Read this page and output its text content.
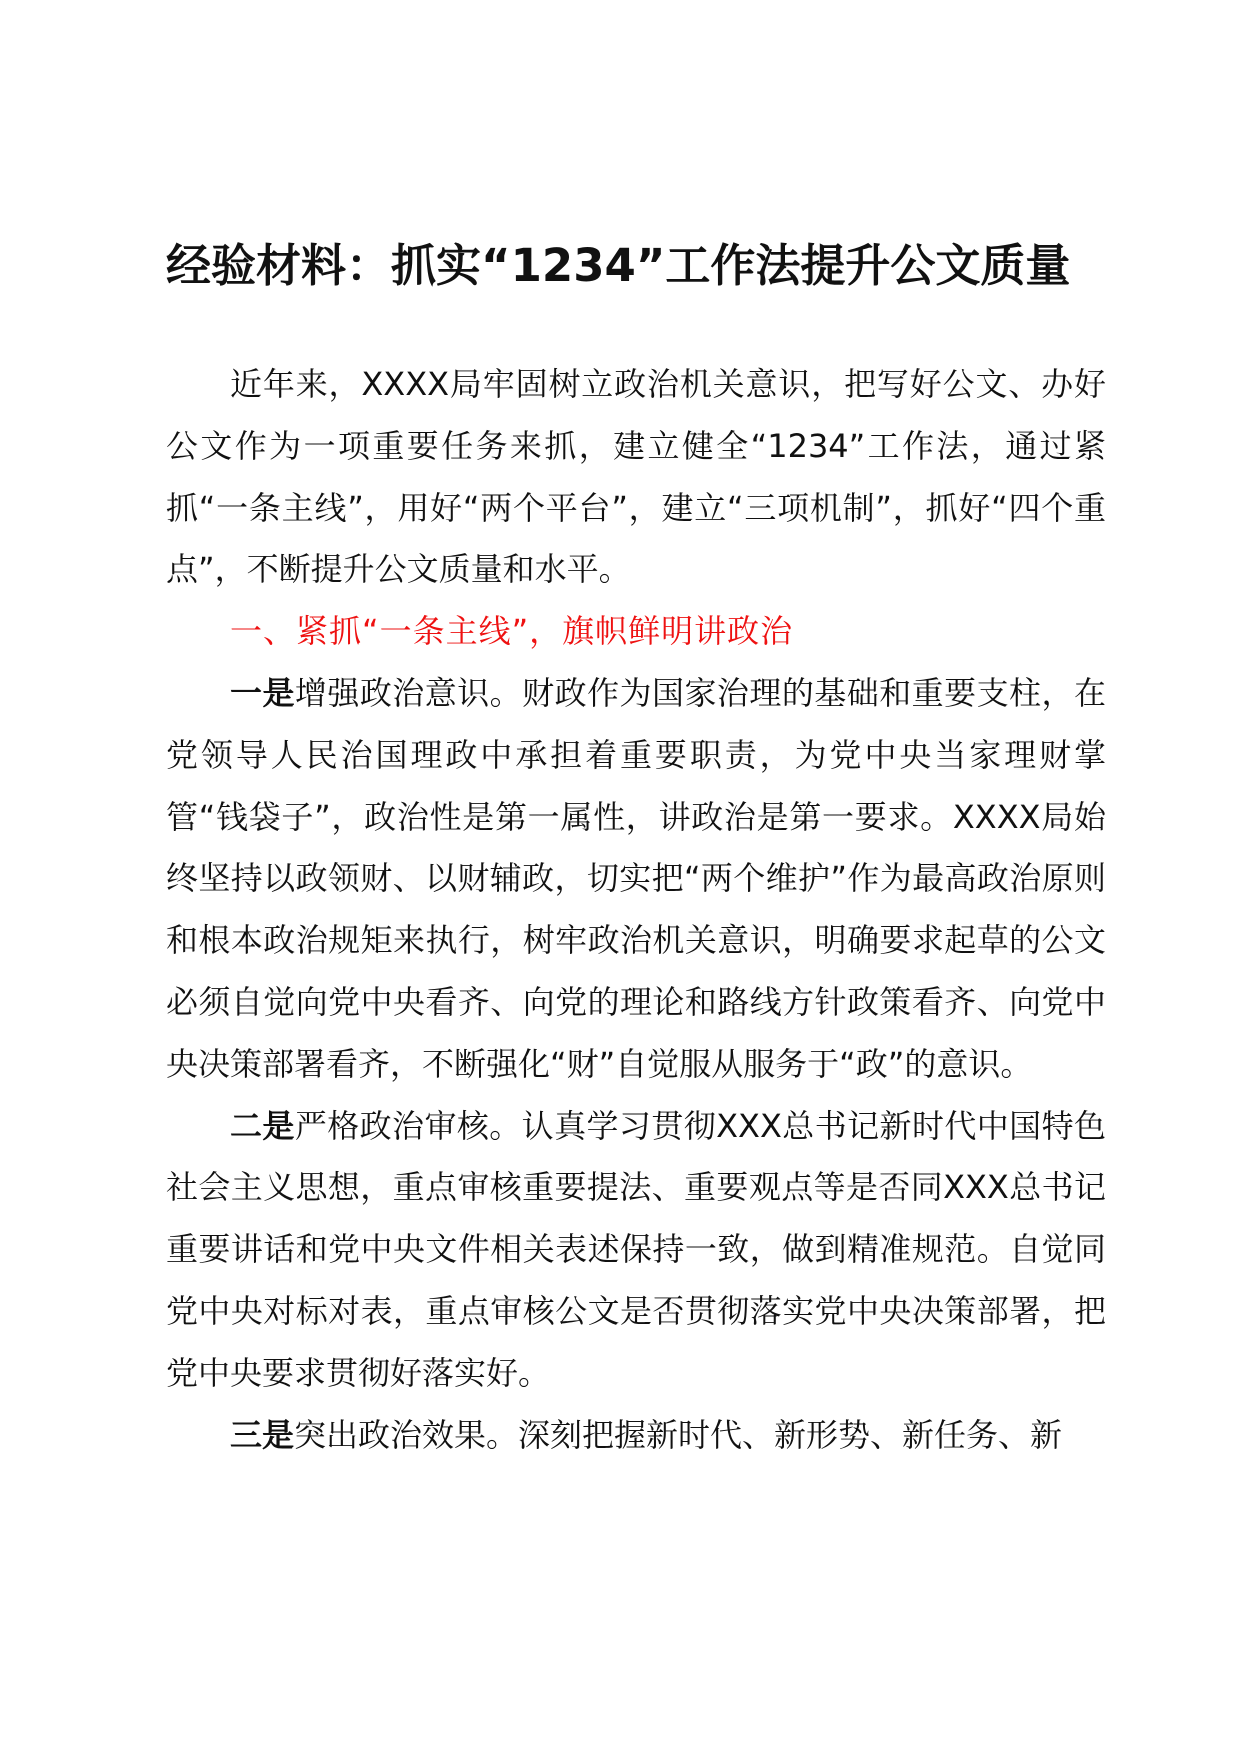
经验材料：抓实“1234”工作法提升公文质量

近年来，XXXX局牢固树立政治机关意识，把写好公文、办好公文作为一项重要任务来抓，建立健全“1234”工作法，通过紧抓“一条主线”，用好“两个平台”，建立“三项机制”，抓好“四个重点”，不断提升公文质量和水平。

一、紧抓“一条主线”，旗帜鲜明讲政治

一是增强政治意识。财政作为国家治理的基础和重要支柱，在党领导人民治国理政中承担着重要职责，为党中央当家理财掌管“钱袋子”，政治性是第一属性，讲政治是第一要求。XXXX局始终坚持以政领财、以财辅政，切实把“两个维护”作为最高政治原则和根本政治规矩来执行，树牢政治机关意识，明确要求起草的公文必须自觉向党中央看齐、向党的理论和路线方针政策看齐、向党中央决策部署看齐，不断强化“财”自觉服从服务于“政”的意识。

二是严格政治审核。认真学习贯彻XXX总书记新时代中国特色社会主义思想，重点审核重要提法、重要观点等是否同XXX总书记重要讲话和党中央文件相关表述保持一致，做到精准规范。自觉同党中央对标对表，重点审核公文是否贯彻落实党中央决策部署，把党中央要求贯彻好落实好。

三是突出政治效果。深刻把握新时代、新形势、新任务、新
